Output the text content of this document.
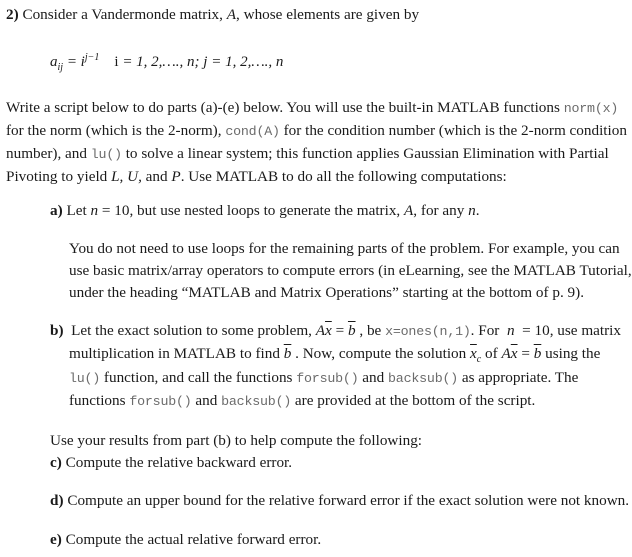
2) Consider a Vandermonde matrix, A, whose elements are given by
$a_{ij} = i^{j-1}$ i = 1, 2,…., n; j = 1, 2,…., n
Write a script below to do parts (a)-(e) below. You will use the built-in MATLAB functions norm(x)
for the norm (which is the 2-norm), cond(A) for the condition number (which is the 2-norm condition
number), and lu() to solve a linear system; this function applies Gaussian Elimination with Partial
Pivoting to yield L, U, and P. Use MATLAB to do all the following computations:
a) Let n = 10, but use nested loops to generate the matrix, A, for any n.
You do not need to use loops for the remaining parts of the problem. For example, you can
use basic matrix/array operators to compute errors (in eLearning, see the MATLAB Tutorial,
under the heading “MATLAB and Matrix Operations” starting at the bottom of p. 9).
b)  Let the exact solution to some problem, $A\overline{x} = \overline{b}$ , be x=ones(n,1). For  n  = 10, use matrix
multiplication in MATLAB to find $\overline{b}$ . Now, compute the solution $\overline{x}_c$ of $A\overline{x} = \overline{b}$ using the
lu() function, and call the functions forsub() and backsub() as appropriate. The
functions forsub() and backsub() are provided at the bottom of the script.
Use your results from part (b) to help compute the following:
c) Compute the relative backward error.
d) Compute an upper bound for the relative forward error if the exact solution were not known.
e) Compute the actual relative forward error.
